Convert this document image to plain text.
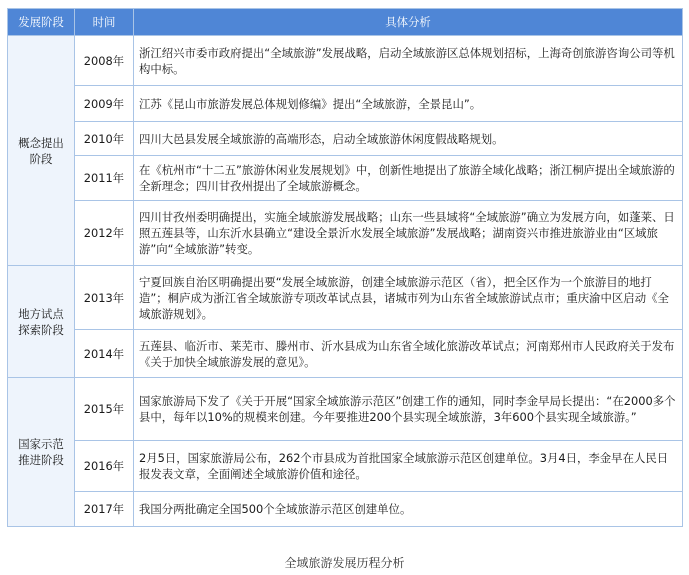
发展阶段	时间	具体分析
概念提出
阶段	2008年	浙江绍兴市委市政府提出“全域旅游”发展战略，启动全域旅游区总体规划招标，上海奇创旅游咨询公司等机构中标。
	2009年	江苏《昆山市旅游发展总体规划修编》提出“全域旅游，全景昆山”。
	2010年	四川大邑县发展全域旅游的高端形态，启动全域旅游休闲度假战略规划。
	2011年	在《杭州市“十二五”旅游休闲业发展规划》中，创新性地提出了旅游全域化战略；浙江桐庐提出全域旅游的全新理念；四川甘孜州提出了全域旅游概念。
	2012年	四川甘孜州委明确提出，实施全域旅游发展战略；山东一些县域将“全域旅游”确立为发展方向，如蓬莱、日照五莲县等，山东沂水县确立“建设全景沂水发展全域旅游”发展战略；湖南资兴市推进旅游业由“区域旅游”向“全域旅游”转变。
地方试点
探索阶段	2013年	宁夏回族自治区明确提出要“发展全域旅游，创建全域旅游示范区（省），把全区作为一个旅游目的地打造”；桐庐成为浙江省全域旅游专项改革试点县，诸城市列为山东省全域旅游试点市；重庆渝中区启动《全域旅游规划》。
	2014年	五莲县、临沂市、莱芜市、滕州市、沂水县成为山东省全域化旅游改革试点；河南郑州市人民政府关于发布《关于加快全域旅游发展的意见》。
国家示范
推进阶段	2015年	国家旅游局下发了《关于开展“国家全域旅游示范区”创建工作的通知，同时李金早局长提出：“在2000多个县中，每年以10%的规模来创建。今年要推进200个县实现全域旅游，3年600个县实现全域旅游。”
	2016年	2月5日，国家旅游局公布，262个市县成为首批国家全域旅游示范区创建单位。3月4日，李金早在人民日报发表文章，全面阐述全域旅游价值和途径。
	2017年	我国分两批确定全国500个全域旅游示范区创建单位。
全域旅游发展历程分析
